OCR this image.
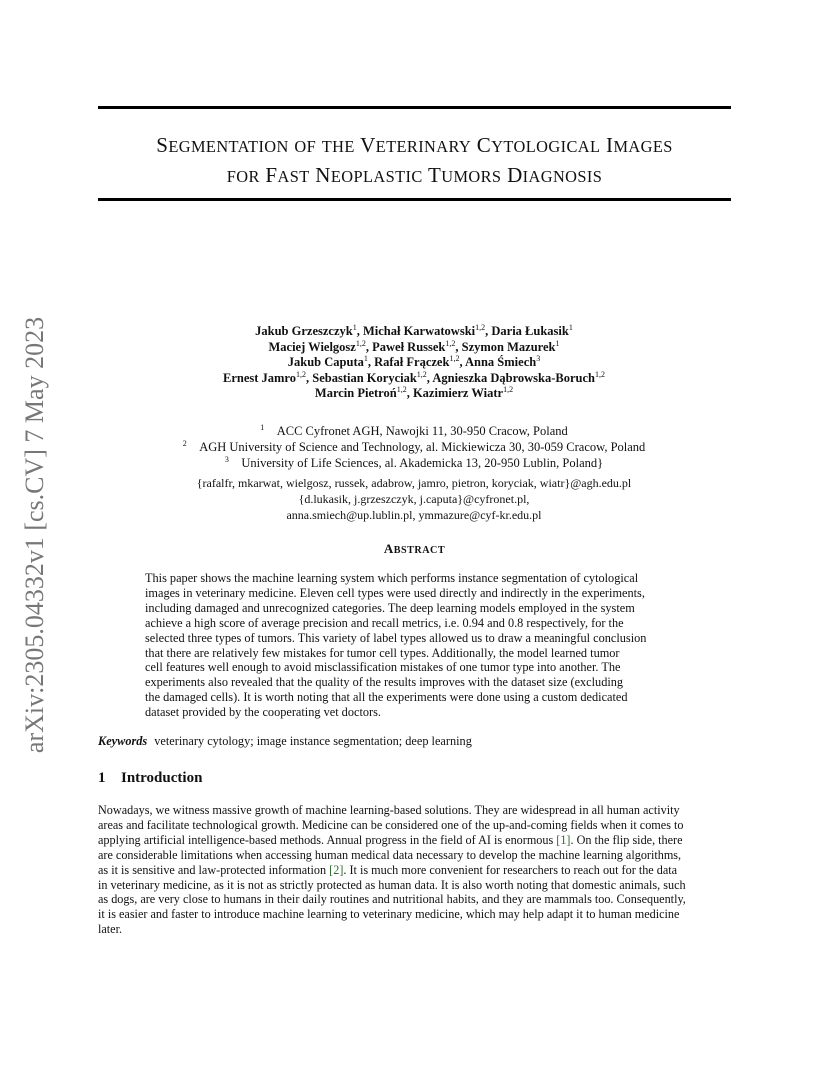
arXiv:2305.04332v1 [cs.CV] 7 May 2023
SEGMENTATION OF THE VETERINARY CYTOLOGICAL IMAGES
FOR FAST NEOPLASTIC TUMORS DIAGNOSIS
Jakub Grzeszczyk$^1$, Michał Karwatowski$^{1,2}$, Daria Łukasik$^1$
Maciej Wielgosz$^{1,2}$, Paweł Russek$^{1,2}$, Szymon Mazurek$^1$
Jakub Caputa$^1$, Rafał Frączek$^{1,2}$, Anna Śmiech$^3$
Ernest Jamro$^{1,2}$, Sebastian Koryciak$^{1,2}$, Agnieszka Dąbrowska-Boruch$^{1,2}$
Marcin Pietroń$^{1,2}$, Kazimierz Wiatr$^{1,2}$
$^1$ ACC Cyfronet AGH, Nawojki 11, 30-950 Cracow, Poland
$^2$ AGH University of Science and Technology, al. Mickiewicza 30, 30-059 Cracow, Poland
$^3$ University of Life Sciences, al. Akademicka 13, 20-950 Lublin, Poland}
{rafalfr, mkarwat, wielgosz, russek, adabrow, jamro, pietron, koryciak, wiatr}@agh.edu.pl
{d.lukasik, j.grzeszczyk, j.caputa}@cyfronet.pl,
anna.smiech@up.lublin.pl, ymmazure@cyf-kr.edu.pl
ABSTRACT
This paper shows the machine learning system which performs instance segmentation of cytological
images in veterinary medicine. Eleven cell types were used directly and indirectly in the experiments,
including damaged and unrecognized categories. The deep learning models employed in the system
achieve a high score of average precision and recall metrics, i.e. 0.94 and 0.8 respectively, for the
selected three types of tumors. This variety of label types allowed us to draw a meaningful conclusion
that there are relatively few mistakes for tumor cell types. Additionally, the model learned tumor
cell features well enough to avoid misclassification mistakes of one tumor type into another. The
experiments also revealed that the quality of the results improves with the dataset size (excluding
the damaged cells). It is worth noting that all the experiments were done using a custom dedicated
dataset provided by the cooperating vet doctors.
Keywords veterinary cytology; image instance segmentation; deep learning
1 Introduction
Nowadays, we witness massive growth of machine learning-based solutions. They are widespread in all human activity
areas and facilitate technological growth. Medicine can be considered one of the up-and-coming fields when it comes to
applying artificial intelligence-based methods. Annual progress in the field of AI is enormous [1]. On the flip side, there
are considerable limitations when accessing human medical data necessary to develop the machine learning algorithms,
as it is sensitive and law-protected information [2]. It is much more convenient for researchers to reach out for the data
in veterinary medicine, as it is not as strictly protected as human data. It is also worth noting that domestic animals, such
as dogs, are very close to humans in their daily routines and nutritional habits, and they are mammals too. Consequently,
it is easier and faster to introduce machine learning to veterinary medicine, which may help adapt it to human medicine
later.
